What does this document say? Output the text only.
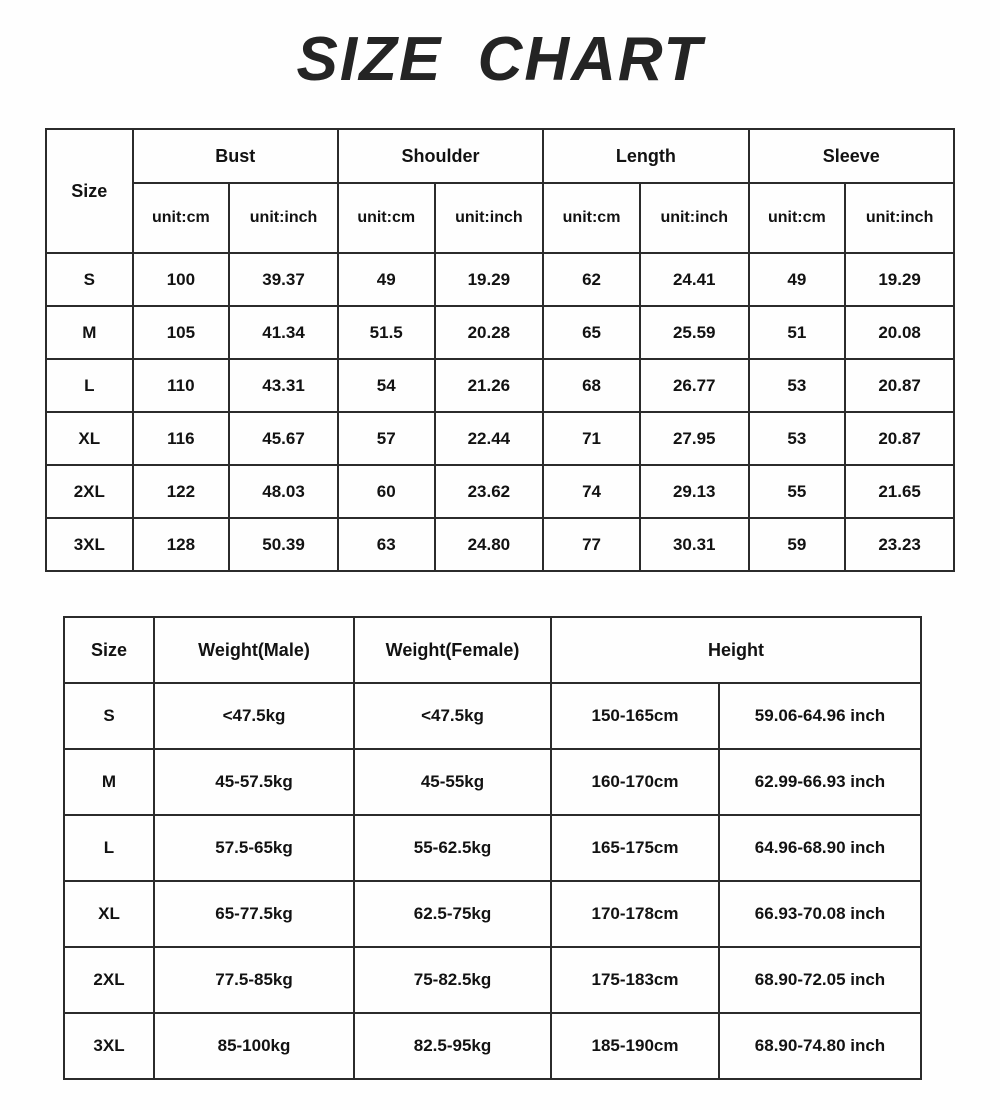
SIZE CHART
Size	Bust		Shoulder		Length		Sleeve	
	unit:cm	unit:inch	unit:cm	unit:inch	unit:cm	unit:inch	unit:cm	unit:inch
S	100	39.37	49	19.29	62	24.41	49	19.29
M	105	41.34	51.5	20.28	65	25.59	51	20.08
L	110	43.31	54	21.26	68	26.77	53	20.87
XL	116	45.67	57	22.44	71	27.95	53	20.87
2XL	122	48.03	60	23.62	74	29.13	55	21.65
3XL	128	50.39	63	24.80	77	30.31	59	23.23
Size	Weight(Male)	Weight(Female)	Height	
S	<47.5kg	<47.5kg	150-165cm	59.06-64.96 inch
M	45-57.5kg	45-55kg	160-170cm	62.99-66.93 inch
L	57.5-65kg	55-62.5kg	165-175cm	64.96-68.90 inch
XL	65-77.5kg	62.5-75kg	170-178cm	66.93-70.08 inch
2XL	77.5-85kg	75-82.5kg	175-183cm	68.90-72.05 inch
3XL	85-100kg	82.5-95kg	185-190cm	68.90-74.80 inch
